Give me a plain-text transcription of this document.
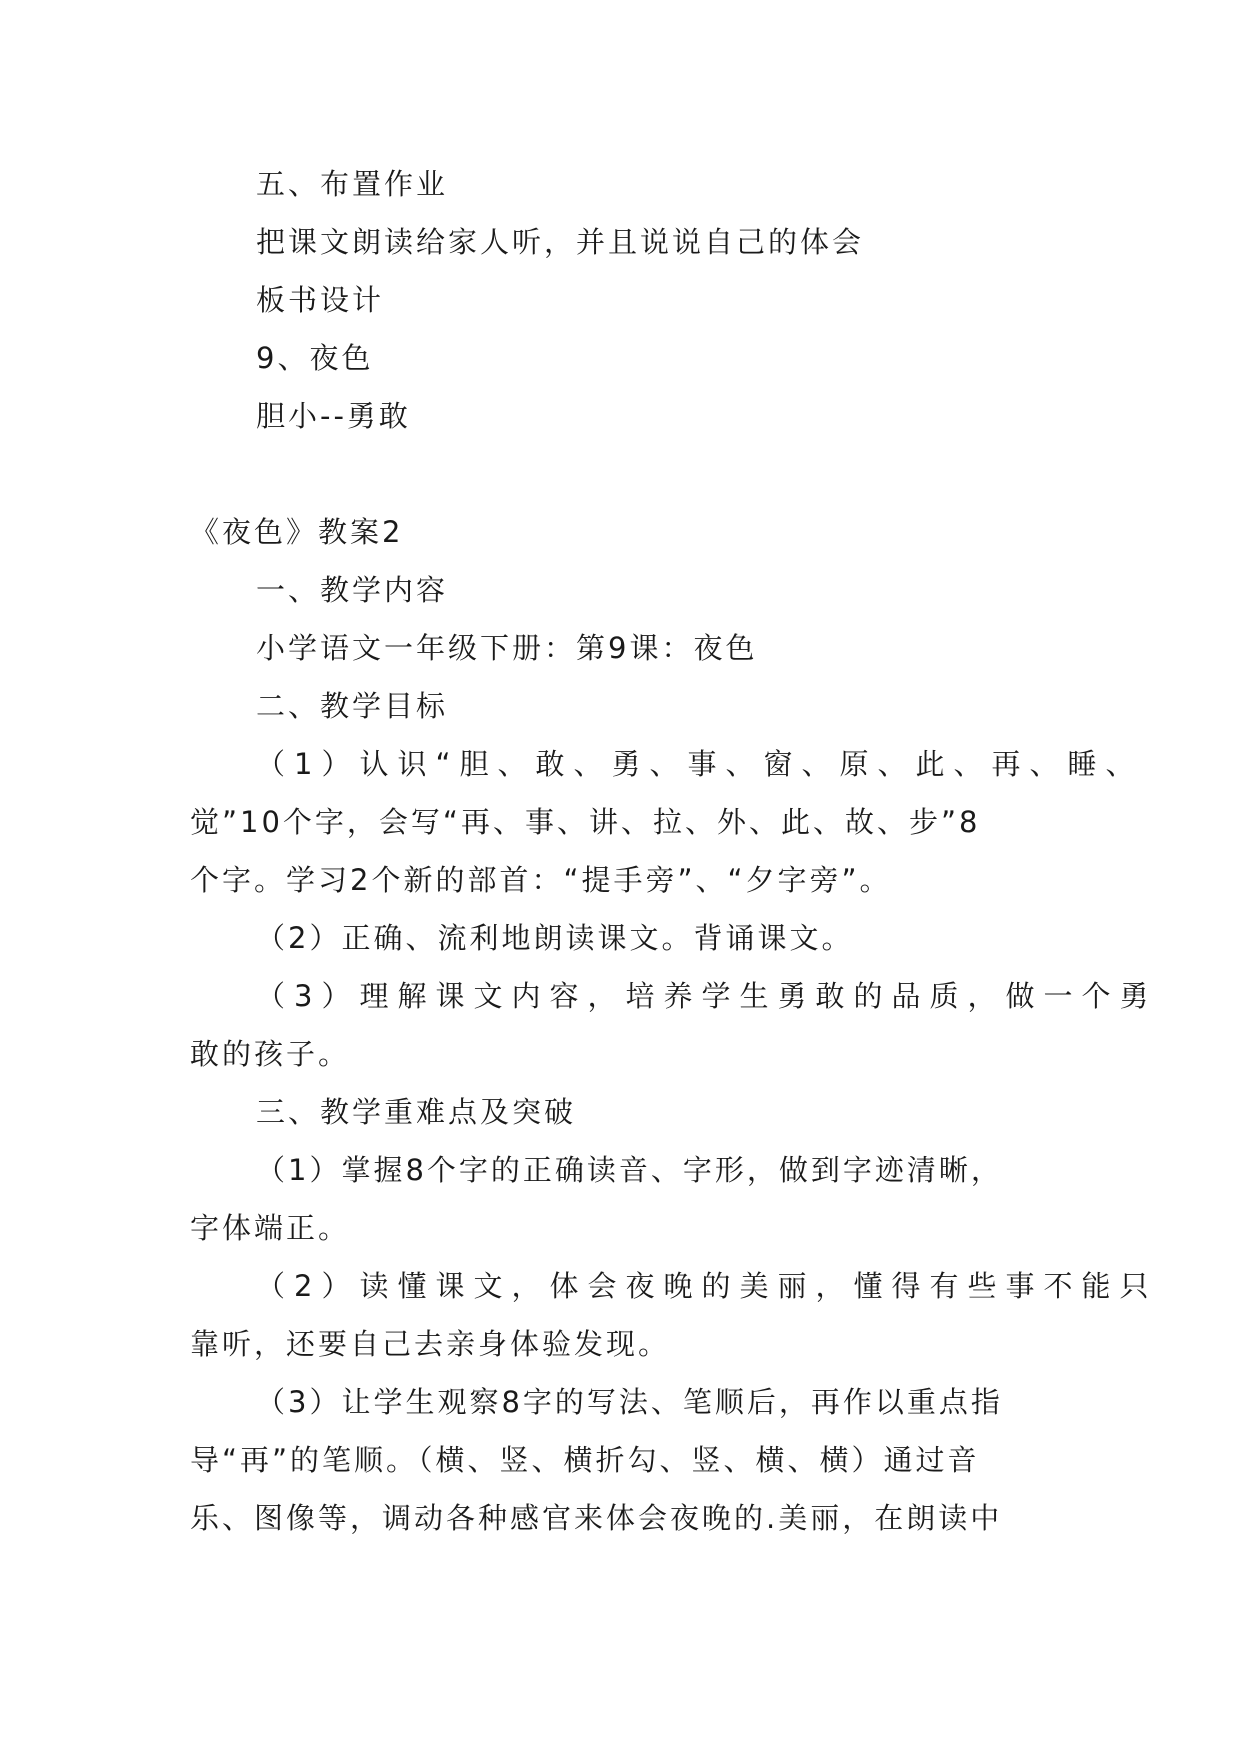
五、布置作业
把课文朗读给家人听，并且说说自己的体会
板书设计
9、夜色
胆小--勇敢
《夜色》教案2
一、教学内容
小学语文一年级下册：第9课：夜色
二、教学目标
（1）认识“胆、敢、勇、事、窗、原、此、再、睡、
觉”10个字，会写“再、事、讲、拉、外、此、故、步”8
个字。学习2个新的部首：“提手旁”、“夕字旁”。
（2）正确、流利地朗读课文。背诵课文。
（3）理解课文内容，培养学生勇敢的品质，做一个勇
敢的孩子。
三、教学重难点及突破
（1）掌握8个字的正确读音、字形，做到字迹清晰，
字体端正。
（2）读懂课文，体会夜晚的美丽，懂得有些事不能只
靠听，还要自己去亲身体验发现。
（3）让学生观察8字的写法、笔顺后，再作以重点指
导“再”的笔顺。（横、竖、横折勾、竖、横、横）通过音
乐、图像等，调动各种感官来体会夜晚的.美丽，在朗读中
